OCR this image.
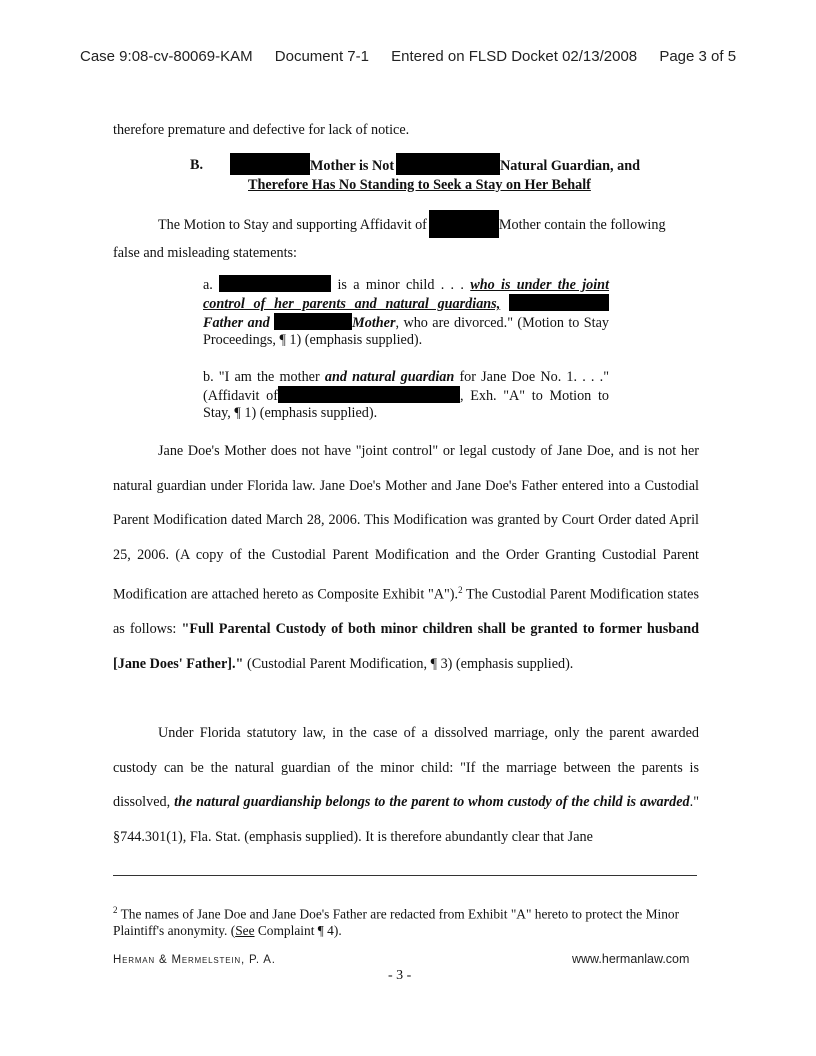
Case 9:08-cv-80069-KAM Document 7-1 Entered on FLSD Docket 02/13/2008 Page 3 of 5
therefore premature and defective for lack of notice.
B.	Mother is Not	Natural Guardian, and
Therefore Has No Standing to Seek a Stay on Her Behalf
The Motion to Stay and supporting Affidavit of	Mother contain the following
false and misleading statements:
a.	is a minor child . . . who is under the joint control of her parents and natural guardians, Father and	Mother, who are divorced." (Motion to Stay Proceedings, ¶ 1) (emphasis supplied).
b. "I am the mother and natural guardian for Jane Doe No. 1. . . ." (Affidavit of	, Exh. "A" to Motion to Stay, ¶ 1) (emphasis supplied).
Jane Doe's Mother does not have "joint control" or legal custody of Jane Doe, and is not her natural guardian under Florida law. Jane Doe's Mother and Jane Doe's Father entered into a Custodial Parent Modification dated March 28, 2006. This Modification was granted by Court Order dated April 25, 2006. (A copy of the Custodial Parent Modification and the Order Granting Custodial Parent Modification are attached hereto as Composite Exhibit "A").$^2$ The Custodial Parent Modification states as follows: "Full Parental Custody of both minor children shall be granted to former husband [Jane Does' Father]." (Custodial Parent Modification, ¶ 3) (emphasis supplied).
Under Florida statutory law, in the case of a dissolved marriage, only the parent awarded custody can be the natural guardian of the minor child: "If the marriage between the parents is dissolved, the natural guardianship belongs to the parent to whom custody of the child is awarded." §744.301(1), Fla. Stat. (emphasis supplied). It is therefore abundantly clear that Jane
$^2$ The names of Jane Doe and Jane Doe's Father are redacted from Exhibit "A" hereto to protect the Minor Plaintiff's anonymity. (See Complaint ¶ 4).
Herman & Mermelstein, P. A.	www.hermanlaw.com
- 3 -
